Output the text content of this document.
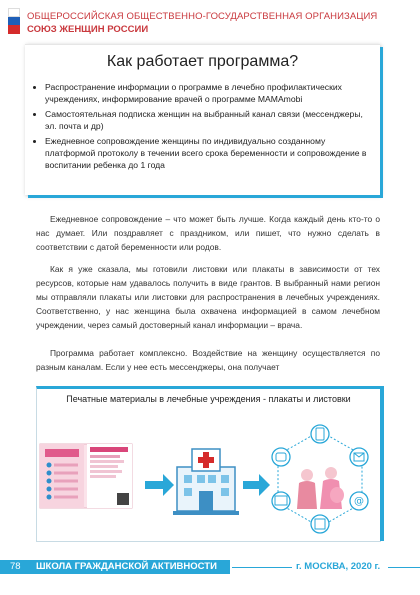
ОБЩЕРОССИЙСКАЯ ОБЩЕСТВЕННО-ГОСУДАРСТВЕННАЯ ОРГАНИЗАЦИЯ
СОЮЗ ЖЕНЩИН РОССИИ
Как работает программа?
• Распространение информации о программе в лечебно профилактических учреждениях, информирование врачей о программе МАМАmobi
• Самостоятельная подписка женщин на выбранный канал связи (мессенджеры, эл. почта и др)
• Ежедневное сопровождение женщины по индивидуально созданному платформой протоколу в течении всего срока беременности и сопровождение в воспитании ребенка до 1 года

Ежедневное сопровождение – что может быть лучше. Когда каждый день кто-то о нас думает. Или поздравляет с праздником, или пишет, что нужно сделать в соответствии с датой беременности или родов.

Как я уже сказала, мы готовили листовки или плакаты в зависимости от тех ресурсов, которые нам удавалось получить в виде грантов. В выбранный нами регион мы отправляли плакаты или листовки для распространения в лечебных учреждениях. Соответственно, у нас женщина была охвачена информацией в самом лечебном учреждении, через самый достоверный канал информации – врача.

Программа работает комплексно. Воздействие на женщину осуществляется по разным каналам. Если у нее есть мессенджеры, она получает

Печатные материалы в лечебные учреждения - плакаты и листовки
@
78 ШКОЛА ГРАЖДАНСКОЙ АКТИВНОСТИ	г. МОСКВА, 2020 г.
